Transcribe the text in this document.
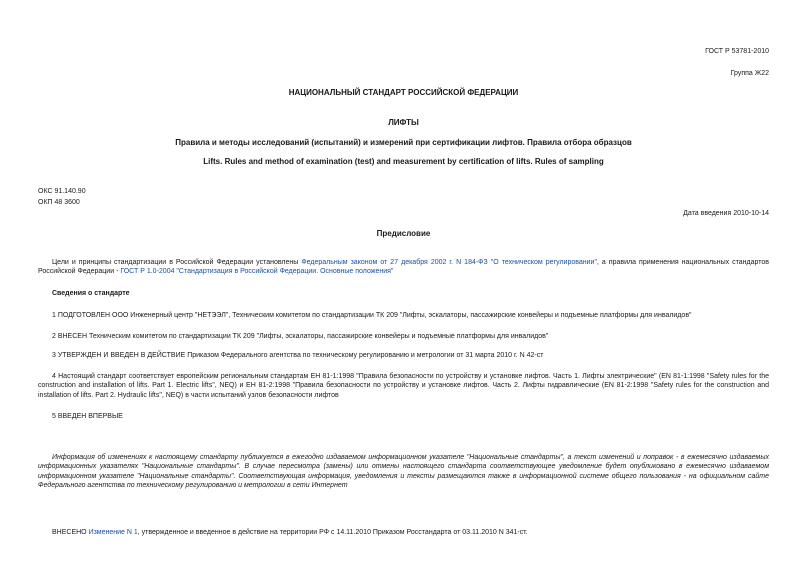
ГОСТ Р 53781-2010
Группа Ж22
НАЦИОНАЛЬНЫЙ СТАНДАРТ РОССИЙСКОЙ ФЕДЕРАЦИИ
ЛИФТЫ
Правила и методы исследований (испытаний) и измерений при сертификации лифтов. Правила отбора образцов
Lifts. Rules and method of examination (test) and measurement by certification of lifts. Rules of sampling
ОКС 91.140.90
ОКП 48 3600
Дата введения 2010-10-14
Предисловие
Цели и принципы стандартизации в Российской Федерации установлены Федеральным законом от 27 декабря 2002 г. N 184-ФЗ "О техническом регулировании", а правила применения национальных стандартов Российской Федерации - ГОСТ Р 1.0-2004 "Стандартизация в Российской Федерации. Основные положения"
Сведения о стандарте
1 ПОДГОТОВЛЕН ООО Инженерный центр "НЕТЭЭЛ", Техническим комитетом по стандартизации ТК 209 "Лифты, эскалаторы, пассажирские конвейеры и подъемные платформы для инвалидов"
2 ВНЕСЕН Техническим комитетом по стандартизации ТК 209 "Лифты, эскалаторы, пассажирские конвейеры и подъемные платформы для инвалидов"
3 УТВЕРЖДЕН И ВВЕДЕН В ДЕЙСТВИЕ Приказом Федерального агентства по техническому регулированию и метрологии от 31 марта 2010 г. N 42-ст
4 Настоящий стандарт соответствует европейским региональным стандартам ЕН 81-1:1998 "Правила безопасности по устройству и установке лифтов. Часть 1. Лифты электрические" (EN 81-1:1998 "Safety rules for the construction and installation of lifts. Part 1. Electric lifts", NEQ) и ЕН 81-2:1998 "Правила безопасности по устройству и установке лифтов. Часть 2. Лифты гидравлические (EN 81-2:1998 "Safety rules for the construction and installation of lifts. Part 2. Hydraulic lifts", NEQ) в части испытаний узлов безопасности лифтов
5 ВВЕДЕН ВПЕРВЫЕ
Информация об изменениях к настоящему стандарту публикуется в ежегодно издаваемом информационном указателе "Национальные стандарты", а текст изменений и поправок - в ежемесячно издаваемых информационных указателях "Национальные стандарты". В случае пересмотра (замены) или отмены настоящего стандарта соответствующее уведомление будет опубликовано в ежемесячно издаваемом информационном указателе "Национальные стандарты". Соответствующая информация, уведомления и тексты размещаются также в информационной системе общего пользования - на официальном сайте Федерального агентства по техническому регулированию и метрологии в сети Интернет
ВНЕСЕНО Изменение N 1, утвержденное и введенное в действие на территории РФ с 14.11.2010 Приказом Росстандарта от 03.11.2010 N 341-ст.
